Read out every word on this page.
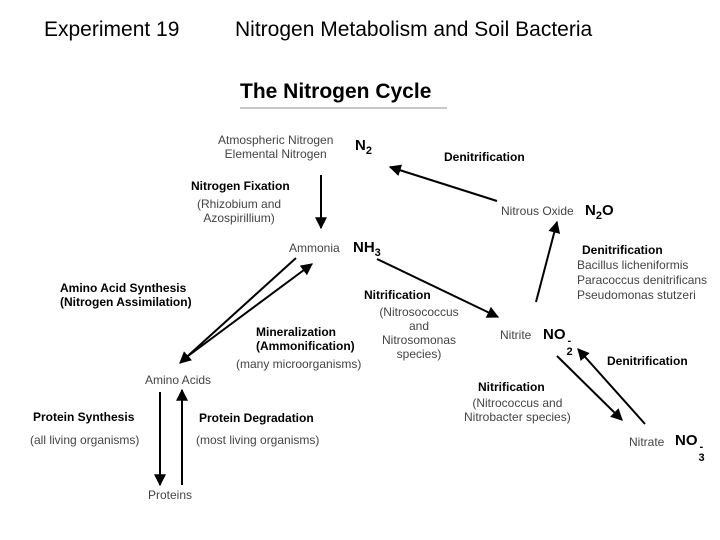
Experiment 19	Nitrogen Metabolism and Soil Bacteria
The Nitrogen Cycle
Atmospheric Nitrogen
Elemental Nitrogen	$N_2$
Nitrogen Fixation
(Rhizobium and
Azospirillium)
Denitrification
Nitrous Oxide $N_2O$
Ammonia $NH_3$	Denitrification
Bacillus licheniformis
Paracoccus denitrificans
Pseudomonas stutzeri
Amino Acid Synthesis
(Nitrogen Assimilation)	Nitrification
(Nitrosococcus
and
Nitrosomonas
species)
Mineralization
(Ammonification)
(many microorganisms)
Nitrite NO -
2
Denitrification
Amino Acids	Nitrification
(Nitrococcus and
Nitrobacter species)
Protein Synthesis
(all living organisms)
Protein Degradation
(most living organisms)	Nitrate NO -
3
Proteins
